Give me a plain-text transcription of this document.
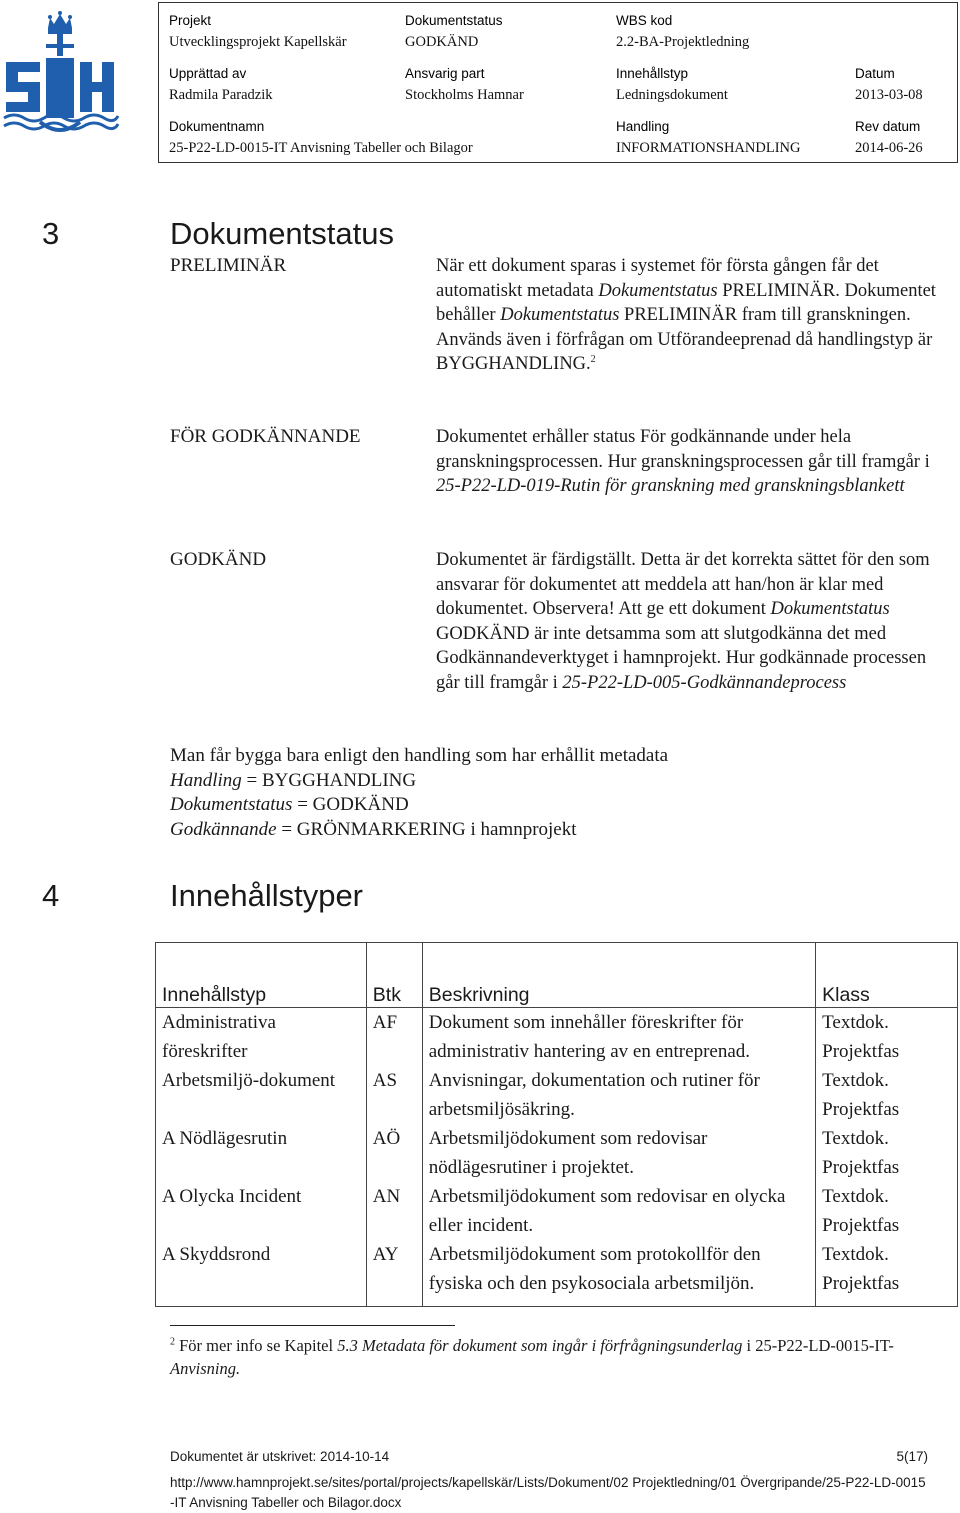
Projekt
Utvecklingsprojekt Kapellskär
Dokumentstatus
GODKÄND
WBS kod
2.2-BA-Projektledning
Upprättad av
Radmila Paradzik
Ansvarig part
Stockholms Hamnar
Innehållstyp
Ledningsdokument
Datum
2013-03-08
Dokumentnamn
25-P22-LD-0015-IT Anvisning Tabeller och Bilagor
Handling
INFORMATIONSHANDLING
Rev datum
2014-06-26
3	Dokumentstatus
PRELIMINÄR	När ett dokument sparas i systemet för första gången får det automatiskt metadata Dokumentstatus PRELIMINÄR. Dokumentet behåller Dokumentstatus PRELIMINÄR fram till granskningen.
Används även i förfrågan om Utförandeeprenad då handlingstyp är BYGGHANDLING.$^2$
FÖR GODKÄNNANDE	Dokumentet erhåller status För godkännande under hela granskningsprocessen. Hur granskningsprocessen går till framgår i 25-P22-LD-019-Rutin för granskning med granskningsblankett
GODKÄND	Dokumentet är färdigställt. Detta är det korrekta sättet för den som ansvarar för dokumentet att meddela att han/hon är klar med dokumentet. Observera! Att ge ett dokument Dokumentstatus GODKÄND är inte detsamma som att slutgodkänna det med Godkännandeverktyget i hamnprojekt. Hur godkännade processen går till framgår i 25-P22-LD-005-Godkännandeprocess
Man får bygga bara enligt den handling som har erhållit metadata
Handling = BYGGHANDLING
Dokumentstatus = GODKÄND
Godkännande = GRÖNMARKERING i hamnprojekt
4	Innehållstyper
Innehållstyp	Btk	Beskrivning	Klass
Administrativa föreskrifter	AF	Dokument som innehåller föreskrifter för administrativ hantering av en entreprenad.	Textdok. Projektfas
Arbetsmiljö-dokument	AS	Anvisningar, dokumentation och rutiner för arbetsmiljösäkring.	Textdok. Projektfas
A Nödlägesrutin	AÖ	Arbetsmiljödokument som redovisar nödlägesrutiner i projektet.	Textdok. Projektfas
A Olycka Incident	AN	Arbetsmiljödokument som redovisar en olycka eller incident.	Textdok. Projektfas
A Skyddsrond	AY	Arbetsmiljödokument som protokollför den fysiska och den psykosociala arbetsmiljön.	Textdok. Projektfas
$^2$ För mer info se Kapitel 5.3 Metadata för dokument som ingår i förfrågningsunderlag i 25-P22-LD-0015-IT-Anvisning.
Dokumentet är utskrivet: 2014-10-14	5(17)
http://www.hamnprojekt.se/sites/portal/projects/kapellskär/Lists/Dokument/02 Projektledning/01 Övergripande/25-P22-LD-0015-IT Anvisning Tabeller och Bilagor.docx
